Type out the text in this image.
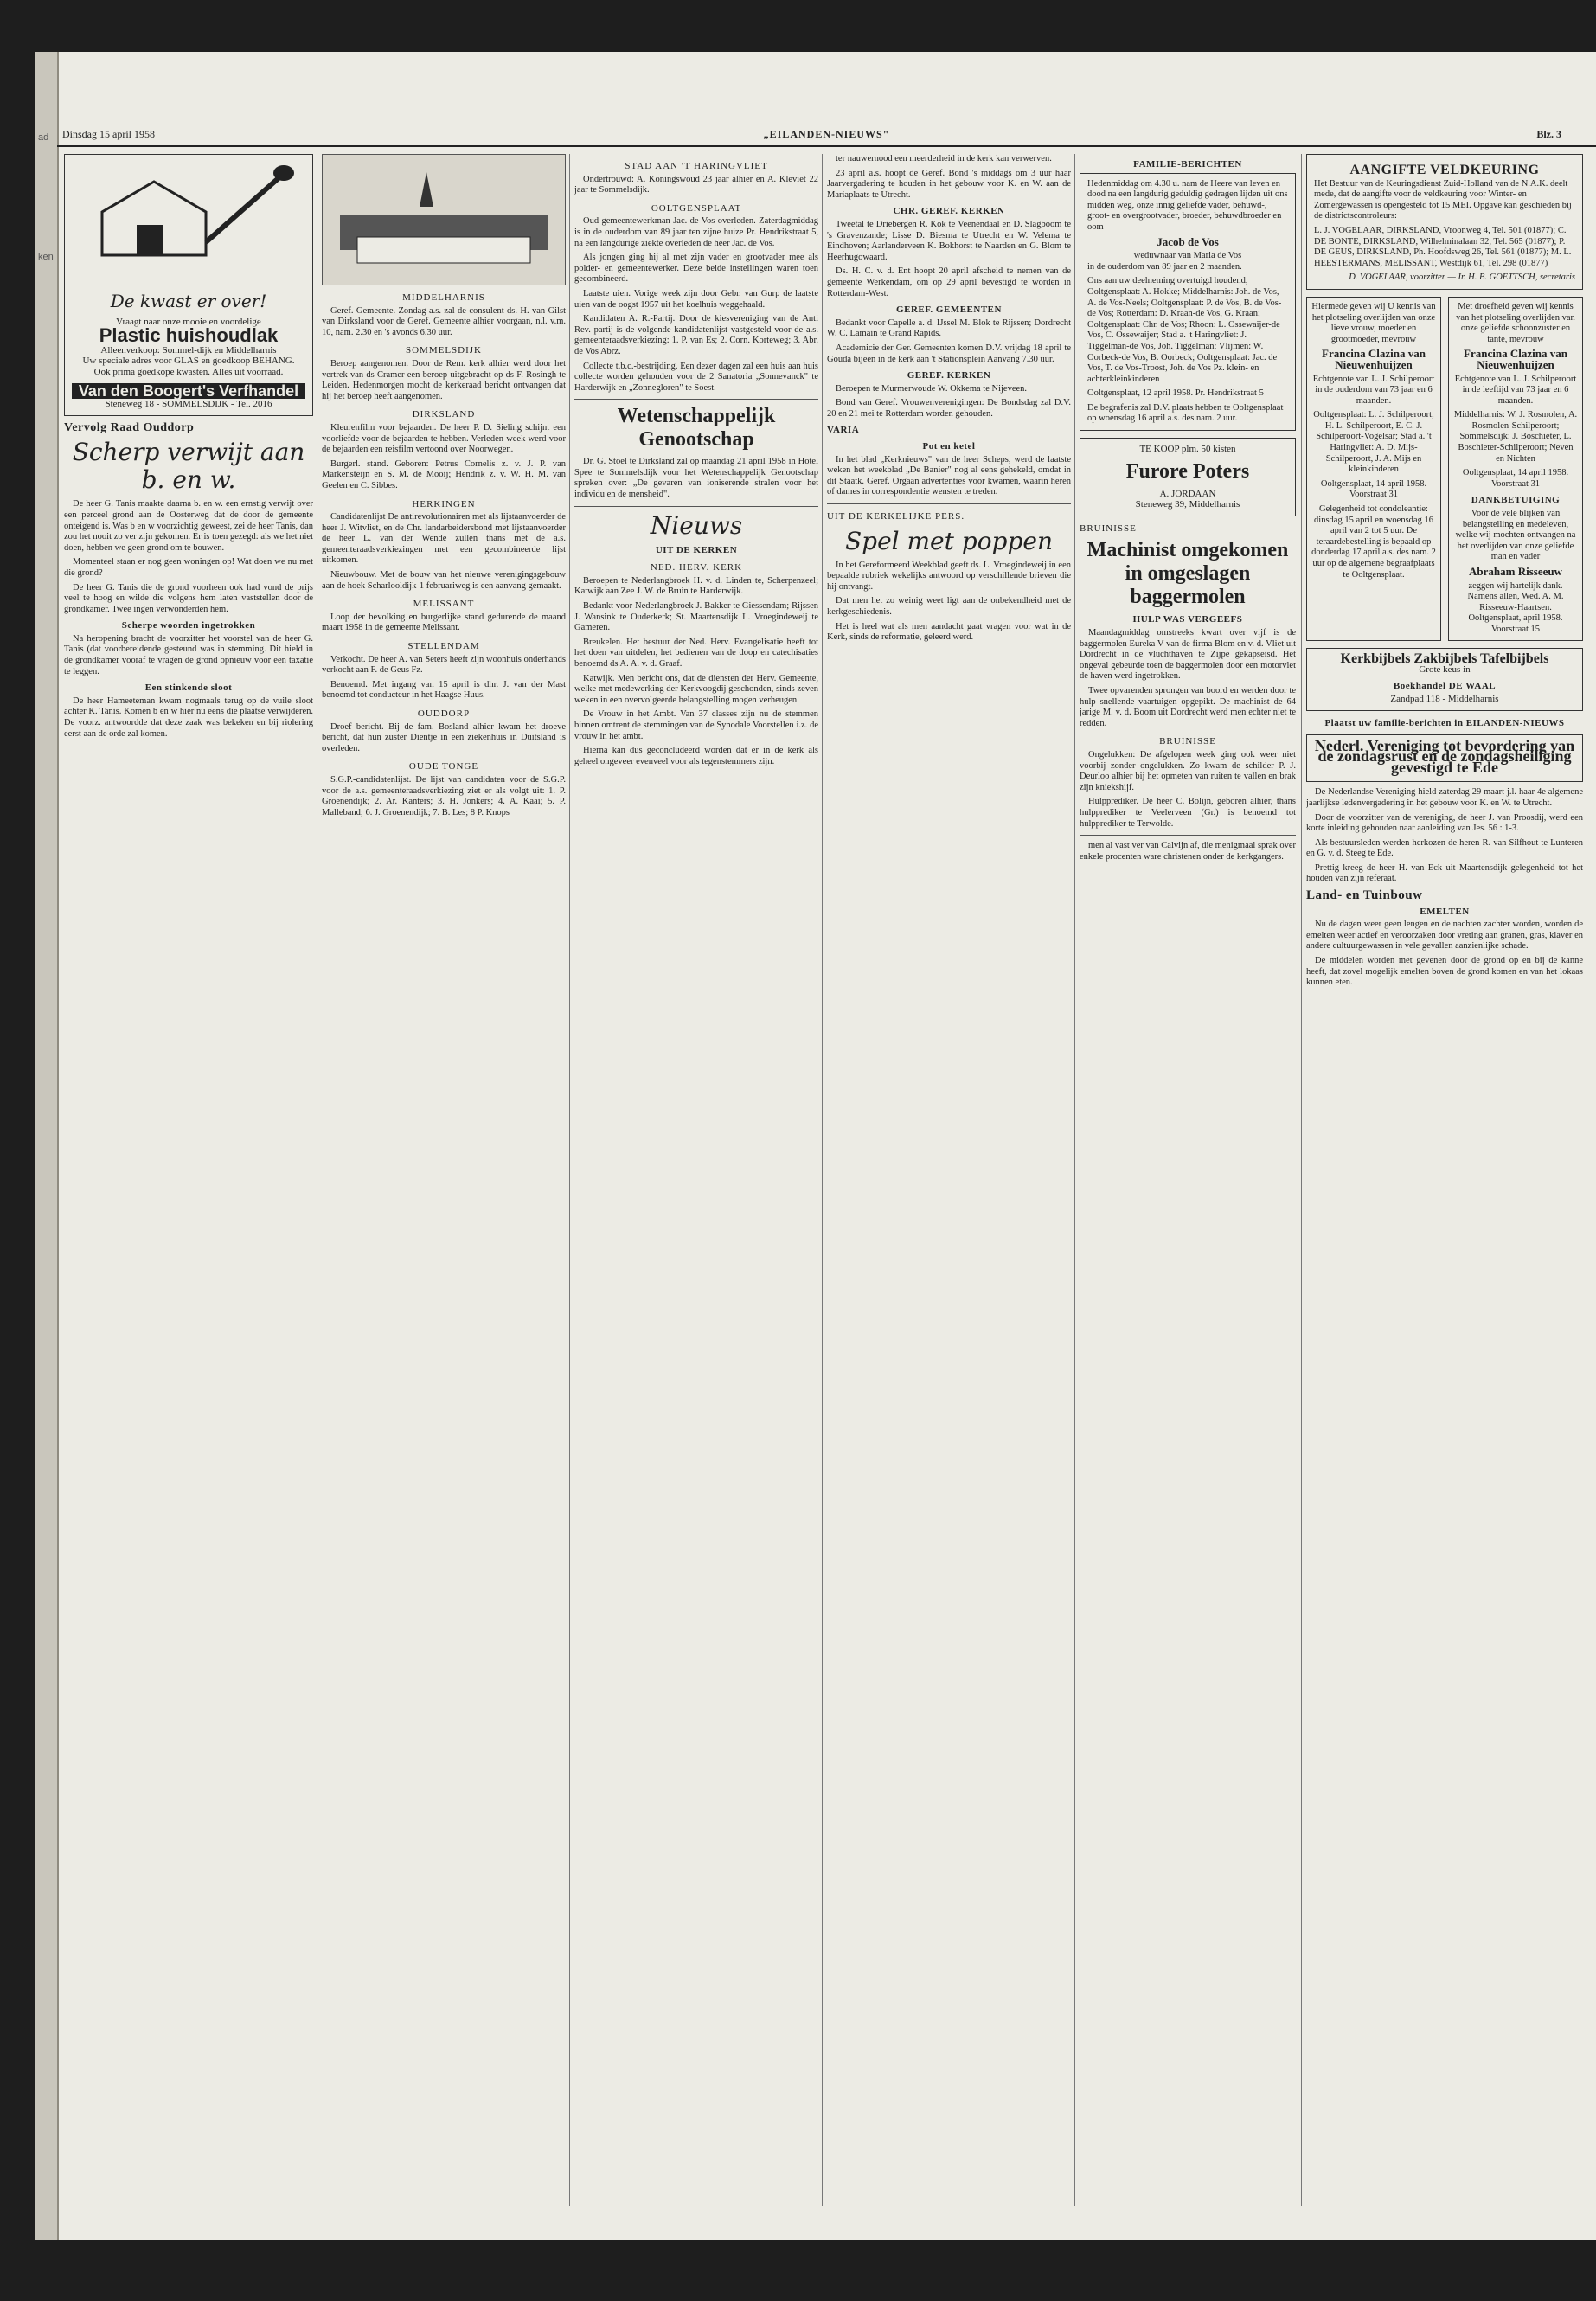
ad
ken
Dinsdag 15 april 1958	„EILANDEN-NIEUWS"	Blz. 3
De kwast er over!
Vraagt naar onze mooie en voordelige
Plastic huishoudlak
Alleenverkoop: Sommel-dijk en Middelharnis
Uw speciale adres voor GLAS en goedkoop BEHANG.
Ook prima goedkope kwasten. Alles uit voorraad.
Van den Boogert's Verfhandel
Steneweg 18 - SOMMELSDIJK - Tel. 2016
Vervolg Raad Ouddorp
Scherp verwijt aan b. en w.

De heer G. Tanis maakte daarna b. en w. een ernstig verwijt over een perceel grond aan de Oosterweg dat de door de gemeente onteigend is. Was b en w voorzichtig geweest, zei de heer Tanis, dan zou het nooit zo ver zijn gekomen. Er is toen gezegd: als we het niet doen, hebben we geen grond om te bouwen.

Momenteel staan er nog geen woningen op! Wat doen we nu met die grond?

De heer G. Tanis die de grond voorheen ook had vond de prijs veel te hoog en wilde die volgens hem laten vaststellen door de grondkamer. Twee ingen verwonderden hem.

Scherpe woorden ingetrokken

Na heropening bracht de voorzitter het voorstel van de heer G. Tanis (dat voorbereidende gesteund was in stemming. Dit hield in de grondkamer vooraf te vragen de grond opnieuw voor een taxatie te leggen.

Een stinkende sloot

De heer Hameeteman kwam nogmaals terug op de vuile sloot achter K. Tanis. Komen b en w hier nu eens die plaatse verwijderen. De voorz. antwoordde dat deze zaak was bekeken en bij riolering eerst aan de orde zal komen.

MIDDELHARNIS

Geref. Gemeente. Zondag a.s. zal de consulent ds. H. van Gilst van Dirksland voor de Geref. Gemeente alhier voorgaan, n.l. v.m. 10, nam. 2.30 en 's avonds 6.30 uur.

SOMMELSDIJK

Beroep aangenomen. Door de Rem. kerk alhier werd door het vertrek van ds Cramer een beroep uitgebracht op ds F. Rosingh te Leiden. Hedenmorgen mocht de kerkeraad bericht ontvangen dat hij het beroep heeft aangenomen.

DIRKSLAND

Kleurenfilm voor bejaarden. De heer P. D. Sieling schijnt een voorliefde voor de bejaarden te hebben. Verleden week werd voor de bejaarden een reisfilm vertoond over Noorwegen.

Burgerl. stand. Geboren: Petrus Cornelis z. v. J. P. van Markensteijn en S. M. de Mooij; Hendrik z. v. W. H. M. van Geelen en C. Sibbes.

HERKINGEN

Candidatenlijst De antirevolutionairen met als lijstaanvoerder de heer J. Witvliet, en de Chr. landarbeidersbond met lijstaanvoerder de heer L. van der Wende zullen thans met de a.s. gemeenteraadsverkiezingen met een gecombineerde lijst uitkomen.

Nieuwbouw. Met de bouw van het nieuwe verenigingsgebouw aan de hoek Scharlooldijk-1 februariweg is een aanvang gemaakt.

MELISSANT

Loop der bevolking en burgerlijke stand gedurende de maand maart 1958 in de gemeente Melissant.

STELLENDAM

Verkocht. De heer A. van Seters heeft zijn woonhuis onderhands verkocht aan F. de Geus Fz.

Benoemd. Met ingang van 15 april is dhr. J. van der Mast benoemd tot conducteur in het Haagse Huus.

OUDDORP

Droef bericht. Bij de fam. Bosland alhier kwam het droeve bericht, dat hun zuster Dientje in een ziekenhuis in Duitsland is overleden.

OUDE TONGE

S.G.P.-candidatenlijst. De lijst van candidaten voor de S.G.P. voor de a.s. gemeenteraadsverkiezing ziet er als volgt uit: 1. P. Groenendijk; 2. Ar. Kanters; 3. H. Jonkers; 4. A. Kaai; 5. P. Malleband; 6. J. Groenendijk; 7. B. Les; 8 P. Knops

STAD AAN 'T HARINGVLIET

Ondertrouwd: A. Koningswoud 23 jaar alhier en A. Kleviet 22 jaar te Sommelsdijk.

OOLTGENSPLAAT

Oud gemeentewerkman Jac. de Vos overleden. Zaterdagmiddag is in de ouderdom van 89 jaar ten zijne huize Pr. Hendrikstraat 5, na een langdurige ziekte overleden de heer Jac. de Vos.

Als jongen ging hij al met zijn vader en grootvader mee als polder- en gemeentewerker. Deze beide instellingen waren toen gecombineerd.

Laatste uien. Vorige week zijn door Gebr. van Gurp de laatste uien van de oogst 1957 uit het koelhuis weggehaald.

Kandidaten A. R.-Partij. Door de kiesvereniging van de Anti Rev. partij is de volgende kandidatenlijst vastgesteld voor de a.s. gemeenteraadsverkiezing: 1. P. van Es; 2. Corn. Korteweg; 3. Abr. de Vos Abrz.

Collecte t.b.c.-bestrijding. Een dezer dagen zal een huis aan huis collecte worden gehouden voor de 2 Sanatoria „Sonnevanck" te Harderwijk en „Zonnegloren" te Soest.

Wetenschappelijk Genootschap

Dr. G. Stoel te Dirksland zal op maandag 21 april 1958 in Hotel Spee te Sommelsdijk voor het Wetenschappelijk Genootschap spreken over: „De gevaren van ioniserende stralen voor het individu en de mensheid".

Nieuws
UIT DE KERKEN
NED. HERV. KERK

Beroepen te Nederlangbroek H. v. d. Linden te, Scherpenzeel; Katwijk aan Zee J. W. de Bruin te Harderwijk.

Bedankt voor Nederlangbroek J. Bakker te Giessendam; Rijssen J. Wansink te Ouderkerk; St. Maartensdijk L. Vroegindeweij te Gameren.

Breukelen. Het bestuur der Ned. Herv. Evangelisatie heeft tot het doen van uitdelen, het bedienen van de doop en catechisaties benoemd ds A. A. v. d. Graaf.

Katwijk. Men bericht ons, dat de diensten der Herv. Gemeente, welke met medewerking der Kerkvoogdij geschonden, sinds zeven weken in een overvolgeerde belangstelling mogen verheugen.

De Vrouw in het Ambt. Van 37 classes zijn nu de stemmen binnen omtrent de stemmingen van de Synodale Voorstellen i.z. de vrouw in het ambt.

Hierna kan dus geconcludeerd worden dat er in de kerk als geheel ongeveer evenveel voor als tegenstemmers zijn.

ter nauwernood een meerderheid in de kerk kan verwerven.

23 april a.s. hoopt de Geref. Bond 's middags om 3 uur haar Jaarvergadering te houden in het gebouw voor K. en W. aan de Mariaplaats te Utrecht.

CHR. GEREF. KERKEN

Tweetal te Driebergen R. Kok te Veenendaal en D. Slagboom te 's Gravenzande; Lisse D. Biesma te Utrecht en W. Velema te Eindhoven; Aarlanderveen K. Bokhorst te Naarden en G. Blom te Heerhugowaard.

Ds. H. C. v. d. Ent hoopt 20 april afscheid te nemen van de gemeente Werkendam, om op 29 april bevestigd te worden in Rotterdam-West.

GEREF. GEMEENTEN

Bedankt voor Capelle a. d. IJssel M. Blok te Rijssen; Dordrecht W. C. Lamain te Grand Rapids.

Academicie der Ger. Gemeenten komen D.V. vrijdag 18 april te Gouda bijeen in de kerk aan 't Stationsplein Aanvang 7.30 uur.

GEREF. KERKEN

Beroepen te Murmerwoude W. Okkema te Nijeveen.

Bond van Geref. Vrouwenverenigingen: De Bondsdag zal D.V. 20 en 21 mei te Rotterdam worden gehouden.

VARIA
Pot en ketel

In het blad „Kerknieuws" van de heer Scheps, werd de laatste weken het weekblad „De Banier" nog al eens gehekeld, omdat in dit Staatk. Geref. Orgaan advertenties voor kwamen, waarin heren of dames in correspondentie wensten te treden.

UIT DE KERKELIJKE PERS.
Spel met poppen

In het Gereformeerd Weekblad geeft ds. L. Vroegindeweij in een bepaalde rubriek wekelijks antwoord op verschillende brieven die hij ontvangt.

Dat men het zo weinig weet ligt aan de onbekendheid met de kerkgeschiedenis.

Het is heel wat als men aandacht gaat vragen voor wat in de Kerk, sinds de reformatie, geleerd werd.

FAMILIE-BERICHTEN
Hedenmiddag om 4.30 u. nam de Heere van leven en dood na een langdurig geduldig gedragen lijden uit ons midden weg, onze innig geliefde vader, behuwd-, groot- en overgrootvader, broeder, behuwdbroeder en oom
Jacob de Vos
weduwnaar van Maria de Vos
in de ouderdom van 89 jaar en 2 maanden.
Ons aan uw deelneming overtuigd houdend, Ooltgensplaat: A. Hokke; Middelharnis: Joh. de Vos, A. de Vos-Neels; Ooltgensplaat: P. de Vos, B. de Vos-de Vos; Rotterdam: D. Kraan-de Vos, G. Kraan; Ooltgensplaat: Chr. de Vos; Rhoon: L. Ossewaijer-de Vos, C. Ossewaijer; Stad a. 't Haringvliet: J. Tiggelman-de Vos, Joh. Tiggelman; Vlijmen: W. Oorbeck-de Vos, B. Oorbeck; Ooltgensplaat: Jac. de Vos, T. de Vos-Troost, Joh. de Vos Pz. klein- en achterkleinkinderen
Ooltgensplaat, 12 april 1958. Pr. Hendrikstraat 5
De begrafenis zal D.V. plaats hebben te Ooltgensplaat op woensdag 16 april a.s. des nam. 2 uur.
TE KOOP plm. 50 kisten
Furore Poters
A. JORDAAN
Steneweg 39, Middelharnis
BRUINISSE
Machinist omgekomen in omgeslagen baggermolen
HULP WAS VERGEEFS

Maandagmiddag omstreeks kwart over vijf is de baggermolen Eureka V van de firma Blom en v. d. Vliet uit Dordrecht in de vluchthaven te Zijpe gekapseisd. Het ongeval gebeurde toen de baggermolen door een motorvlet de haven werd ingetrokken.

Twee opvarenden sprongen van boord en werden door te hulp snellende vaartuigen opgepikt. De machinist de 64 jarige M. v. d. Boom uit Dordrecht werd men echter niet te redden.

BRUINISSE

Ongelukken: De afgelopen week ging ook weer niet voorbij zonder ongelukken. Zo kwam de schilder P. J. Deurloo alhier bij het opmeten van ruiten te vallen en brak zijn kniekshijf.

Hulpprediker. De heer C. Bolijn, geboren alhier, thans hulpprediker te Veelerveen (Gr.) is benoemd tot hulpprediker te Terwolde.

men al vast ver van Calvijn af, die menigmaal sprak over enkele procenten ware christenen onder de kerkgangers.

AANGIFTE VELDKEURING
Het Bestuur van de Keuringsdienst Zuid-Holland van de N.A.K. deelt mede, dat de aangifte voor de veldkeuring voor Winter- en Zomergewassen is opengesteld tot 15 MEI. Opgave kan geschieden bij de districtscontroleurs:
L. J. VOGELAAR, DIRKSLAND, Vroonweg 4, Tel. 501 (01877); C. DE BONTE, DIRKSLAND, Wilhelminalaan 32, Tel. 565 (01877); P. DE GEUS, DIRKSLAND, Ph. Hoofdsweg 26, Tel. 561 (01877); M. L. HEESTERMANS, MELISSANT, Westdijk 61, Tel. 298 (01877)
D. VOGELAAR, voorzitter — Ir. H. B. GOETTSCH, secretaris
Hiermede geven wij U kennis van het plotseling overlijden van onze lieve vrouw, moeder en grootmoeder, mevrouw
Francina Clazina van Nieuwenhuijzen
Echtgenote van L. J. Schilperoort in de ouderdom van 73 jaar en 6 maanden.
Ooltgensplaat: L. J. Schilperoort, H. L. Schilperoort, E. C. J. Schilperoort-Vogelsar; Stad a. 't Haringvliet: A. D. Mijs-Schilperoort, J. A. Mijs en kleinkinderen
Ooltgensplaat, 14 april 1958. Voorstraat 31
Gelegenheid tot condoleantie: dinsdag 15 april en woensdag 16 april van 2 tot 5 uur. De teraardebestelling is bepaald op donderdag 17 april a.s. des nam. 2 uur op de algemene begraafplaats te Ooltgensplaat.
Met droefheid geven wij kennis van het plotseling overlijden van onze geliefde schoonzuster en tante, mevrouw
Francina Clazina van Nieuwenhuijzen
Echtgenote van L. J. Schilperoort in de leeftijd van 73 jaar en 6 maanden.
Middelharnis: W. J. Rosmolen, A. Rosmolen-Schilperoort; Sommelsdijk: J. Boschieter, L. Boschieter-Schilperoort; Neven en Nichten
Ooltgensplaat, 14 april 1958. Voorstraat 31
DANKBETUIGING
Voor de vele blijken van belangstelling en medeleven, welke wij mochten ontvangen na het overlijden van onze geliefde man en vader
Abraham Risseeuw
zeggen wij hartelijk dank. Namens allen, Wed. A. M. Risseeuw-Haartsen. Ooltgensplaat, april 1958. Voorstraat 15
Kerkbijbels Zakbijbels Tafelbijbels
Grote keus in
Boekhandel DE WAAL
Zandpad 118 - Middelharnis
Plaatst uw familie-berichten in EILANDEN-NIEUWS
Nederl. Vereniging tot bevordering van de zondagsrust en de zondagsheiliging gevestigd te Ede

De Nederlandse Vereniging hield zaterdag 29 maart j.l. haar 4e algemene jaarlijkse ledenvergadering in het gebouw voor K. en W. te Utrecht.

Door de voorzitter van de vereniging, de heer J. van Proosdij, werd een korte inleiding gehouden naar aanleiding van Jes. 56 : 1-3.

Als bestuursleden werden herkozen de heren R. van Silfhout te Lunteren en G. v. d. Steeg te Ede.

Prettig kreeg de heer H. van Eck uit Maartensdijk gelegenheid tot het houden van zijn referaat.

Land- en Tuinbouw
EMELTEN

Nu de dagen weer geen lengen en de nachten zachter worden, worden de emelten weer actief en veroorzaken door vreting aan granen, gras, klaver en andere cultuurgewassen in vele gevallen aanzienlijke schade.

De middelen worden met gevenen door de grond op en bij de kanne heeft, dat zovel mogelijk emelten boven de grond komen en van het lokaas kunnen eten.
